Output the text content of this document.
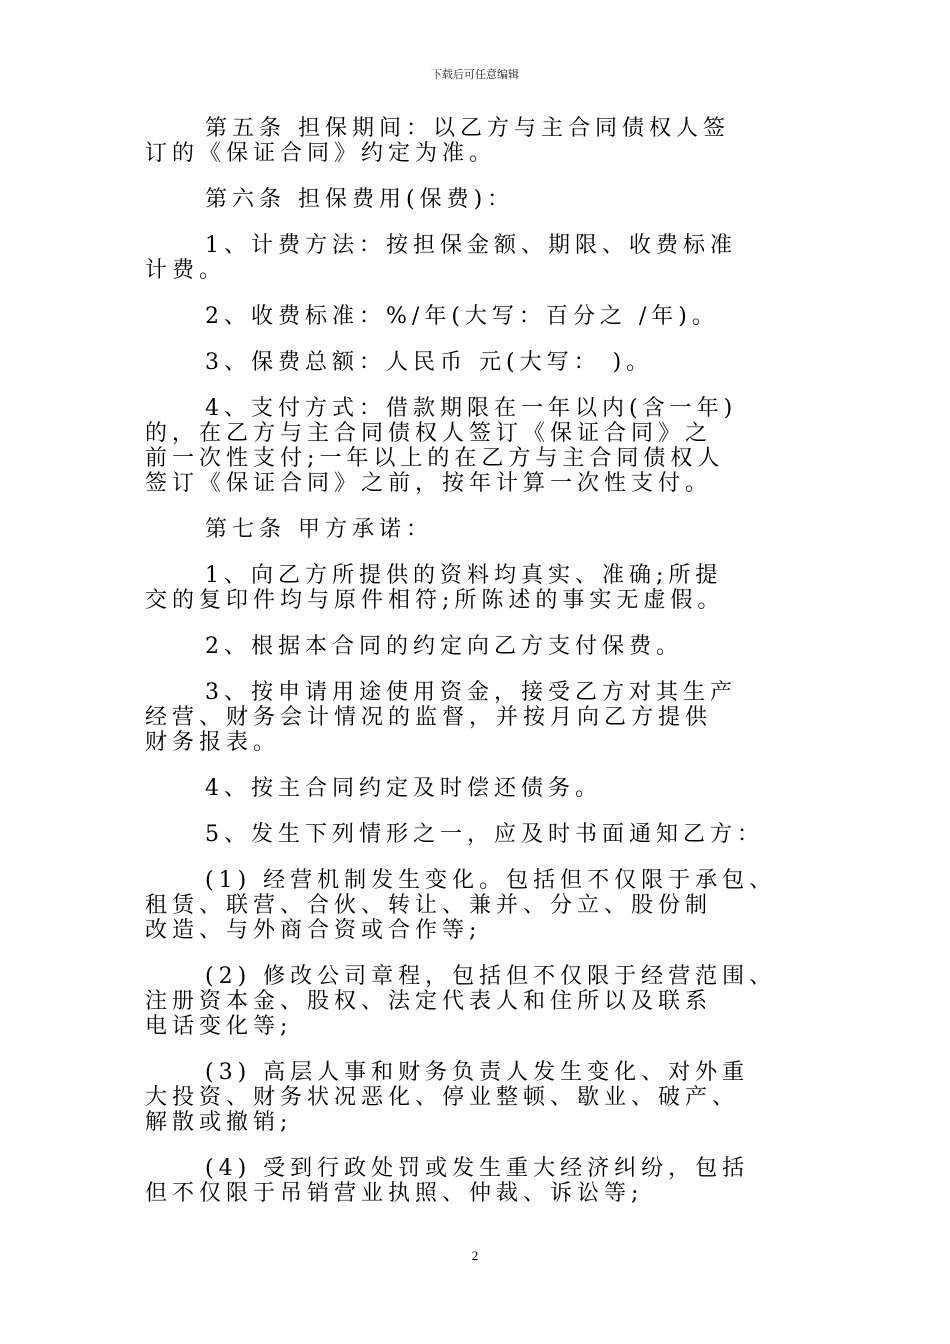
下载后可任意编辑
第五条 担保期间：以乙方与主合同债权人签
订的《保证合同》约定为准。
第六条 担保费用(保费)：
1、计费方法：按担保金额、期限、收费标准
计费。
2、收费标准：%/年(大写：百分之 /年)。
3、保费总额：人民币 元(大写： )。
4、支付方式：借款期限在一年以内(含一年)
的，在乙方与主合同债权人签订《保证合同》之
前一次性支付;一年以上的在乙方与主合同债权人
签订《保证合同》之前，按年计算一次性支付。
第七条 甲方承诺：
1、向乙方所提供的资料均真实、准确;所提
交的复印件均与原件相符;所陈述的事实无虚假。
2、根据本合同的约定向乙方支付保费。
3、按申请用途使用资金，接受乙方对其生产
经营、财务会计情况的监督，并按月向乙方提供
财务报表。
4、按主合同约定及时偿还债务。
5、发生下列情形之一，应及时书面通知乙方：
(1) 经营机制发生变化。包括但不仅限于承包、
租赁、联营、合伙、转让、兼并、分立、股份制
改造、与外商合资或合作等;
(2) 修改公司章程，包括但不仅限于经营范围、
注册资本金、股权、法定代表人和住所以及联系
电话变化等;
(3) 高层人事和财务负责人发生变化、对外重
大投资、财务状况恶化、停业整顿、歇业、破产、
解散或撤销;
(4) 受到行政处罚或发生重大经济纠纷，包括
但不仅限于吊销营业执照、仲裁、诉讼等;
2
